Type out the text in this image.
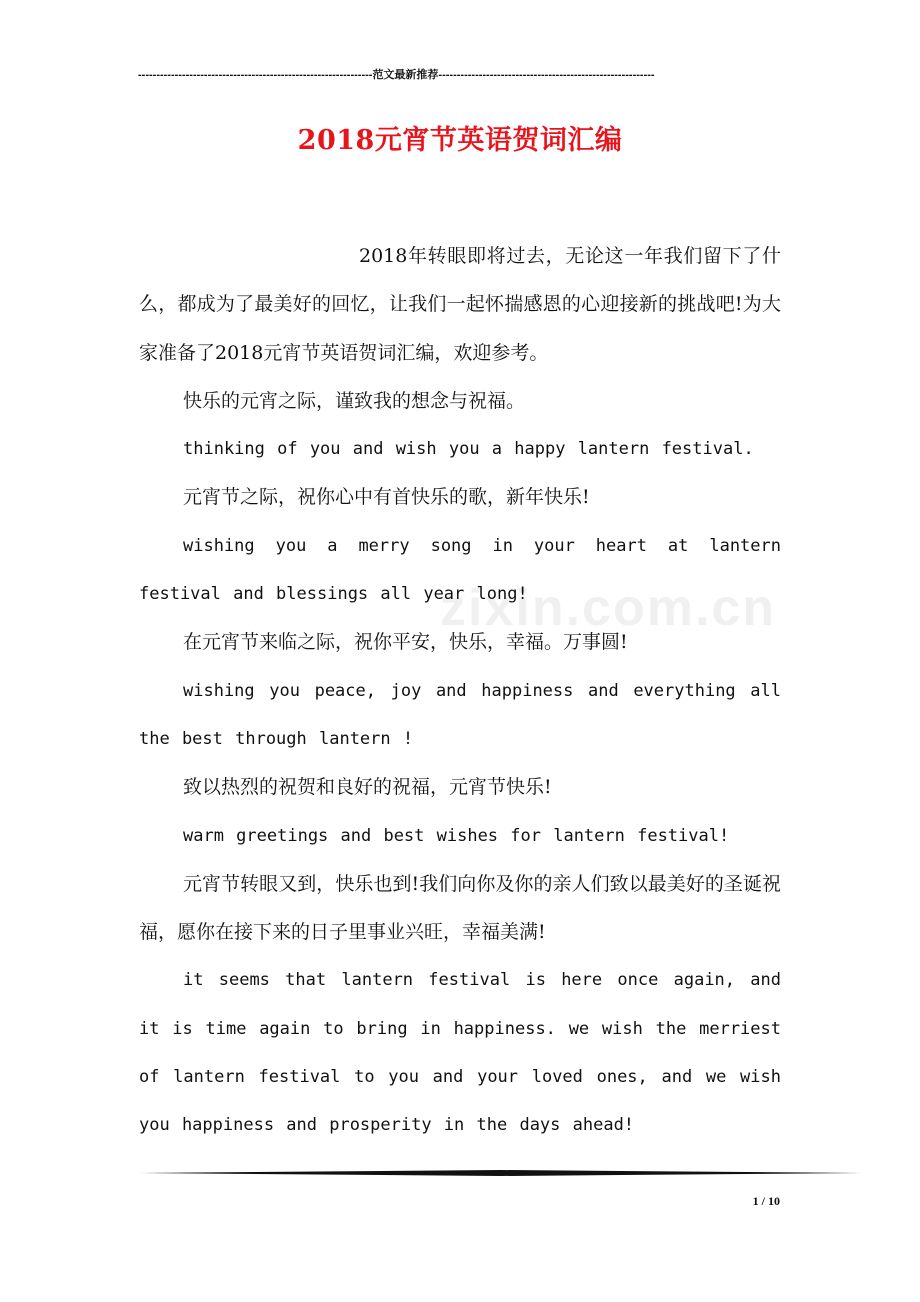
----------------------------------------------------------------范文最新推荐-----------------------------------------------------------
2018元宵节英语贺词汇编
zixin.com.cn

2018年转眼即将过去，无论这一年我们留下了什么，都成为了最美好的回忆，让我们一起怀揣感恩的心迎接新的挑战吧!为大家准备了2018元宵节英语贺词汇编，欢迎参考。

快乐的元宵之际，谨致我的想念与祝福。

thinking of you and wish you a happy lantern festival.

元宵节之际，祝你心中有首快乐的歌，新年快乐!

wishing you a merry song in your heart at lantern festival and blessings all year long!

在元宵节来临之际，祝你平安，快乐，幸福。万事圆!

wishing you peace, joy and happiness and everything all the best through lantern !

致以热烈的祝贺和良好的祝福，元宵节快乐!

warm greetings and best wishes for lantern festival!

元宵节转眼又到，快乐也到!我们向你及你的亲人们致以最美好的圣诞祝福，愿你在接下来的日子里事业兴旺，幸福美满!

it seems that lantern festival is here once again, and it is time again to bring in happiness. we wish the merriest of lantern festival to you and your loved ones, and we wish you happiness and prosperity in the days ahead!

1 / 10
